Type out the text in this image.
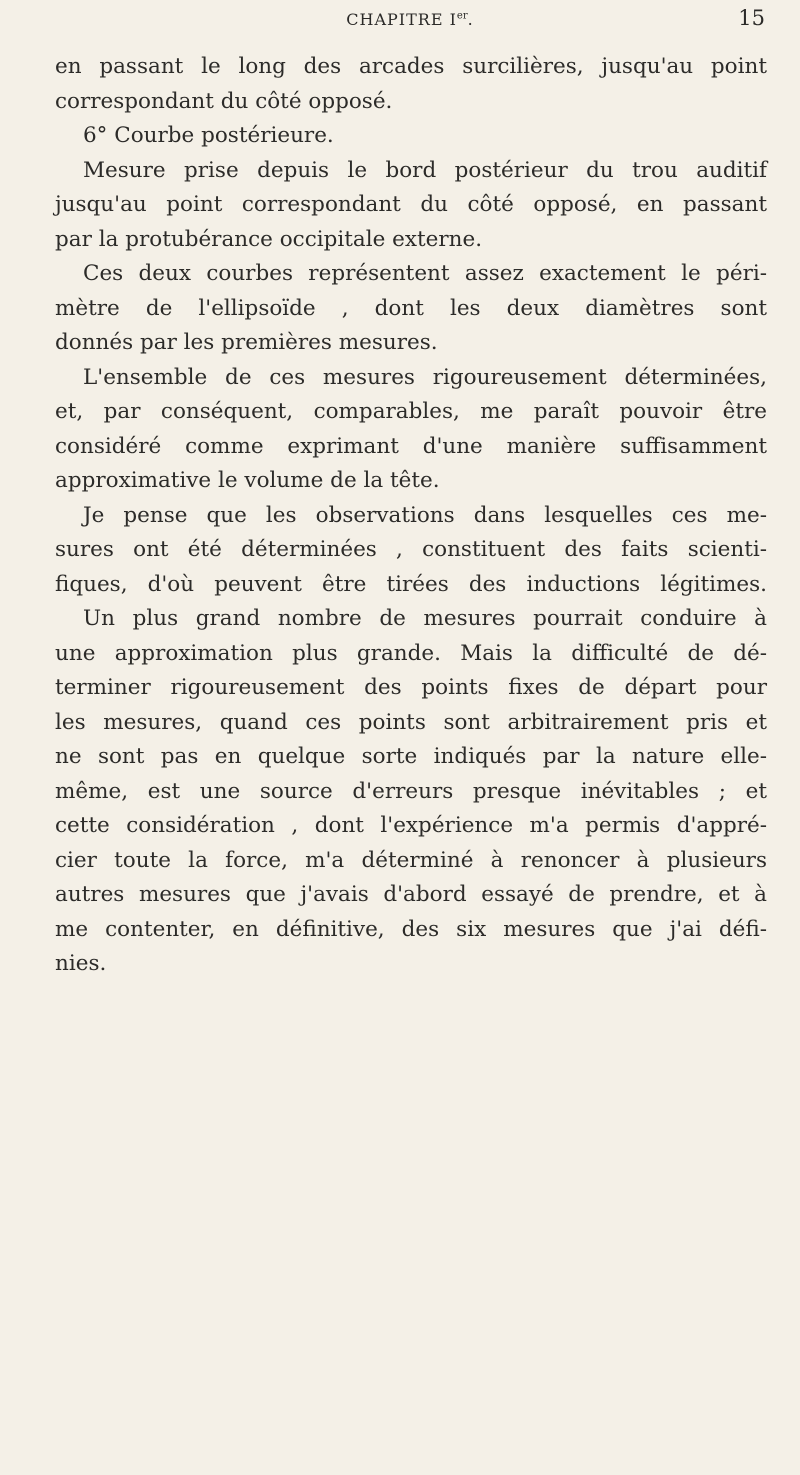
CHAPITRE Ier.	15
en passant le long des arcades surcilières, jusqu'au point
correspondant du côté opposé.
6° Courbe postérieure.
Mesure prise depuis le bord postérieur du trou auditif
jusqu'au point correspondant du côté opposé, en passant
par la protubérance occipitale externe.
Ces deux courbes représentent assez exactement le péri-
mètre de l'ellipsoïde , dont les deux diamètres sont
donnés par les premières mesures.
L'ensemble de ces mesures rigoureusement déterminées,
et, par conséquent, comparables, me paraît pouvoir être
considéré comme exprimant d'une manière suffisamment
approximative le volume de la tête.
Je pense que les observations dans lesquelles ces me-
sures ont été déterminées , constituent des faits scienti-
fiques, d'où peuvent être tirées des inductions légitimes.
Un plus grand nombre de mesures pourrait conduire à
une approximation plus grande. Mais la difficulté de dé-
terminer rigoureusement des points fixes de départ pour
les mesures, quand ces points sont arbitrairement pris et
ne sont pas en quelque sorte indiqués par la nature elle-
même, est une source d'erreurs presque inévitables ; et
cette considération , dont l'expérience m'a permis d'appré-
cier toute la force, m'a déterminé à renoncer à plusieurs
autres mesures que j'avais d'abord essayé de prendre, et à
me contenter, en définitive, des six mesures que j'ai défi-
nies.
